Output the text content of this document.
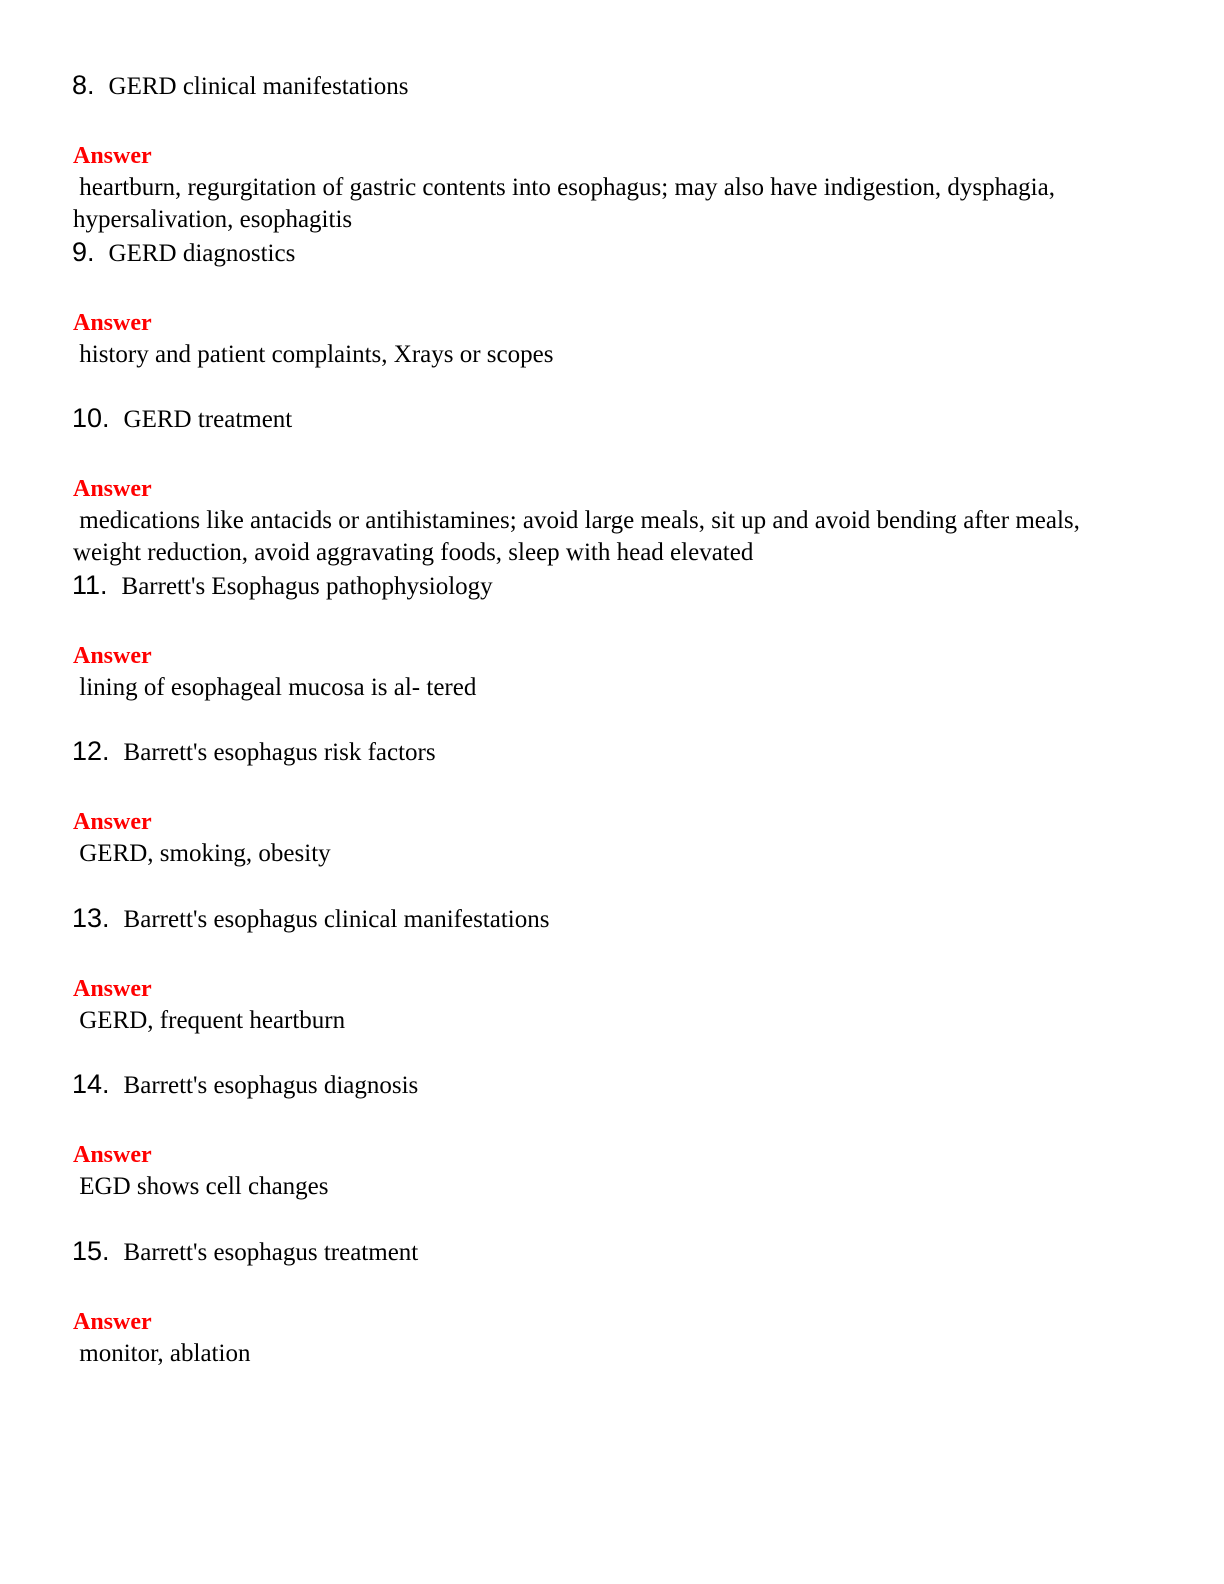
8. GERD clinical manifestations
Answer
heartburn, regurgitation of gastric contents into esophagus; may also have indigestion, dysphagia, hypersalivation, esophagitis
9. GERD diagnostics
Answer
history and patient complaints, Xrays or scopes
10. GERD treatment
Answer
medications like antacids or antihistamines; avoid large meals, sit up and avoid bending after meals, weight reduction, avoid aggravating foods, sleep with head elevated
11. Barrett's Esophagus pathophysiology
Answer
lining of esophageal mucosa is al- tered
12. Barrett's esophagus risk factors
Answer
GERD, smoking, obesity
13. Barrett's esophagus clinical manifestations
Answer
GERD, frequent heartburn
14. Barrett's esophagus diagnosis
Answer
EGD shows cell changes
15. Barrett's esophagus treatment
Answer
monitor, ablation
